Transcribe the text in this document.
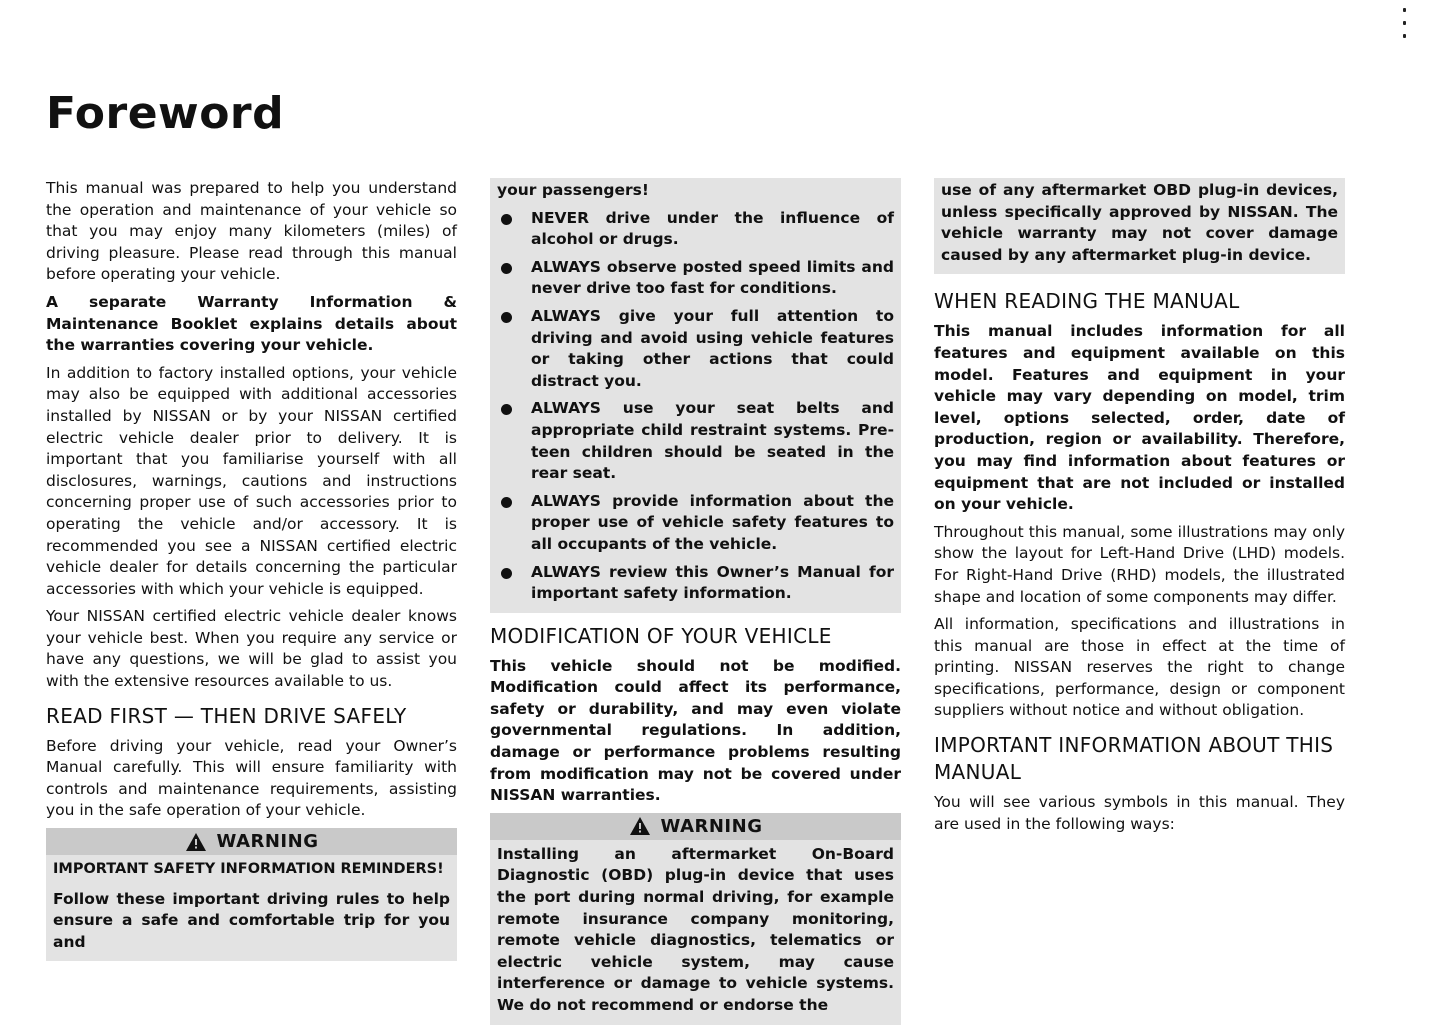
Foreword

This manual was prepared to help you understand the operation and maintenance of your vehicle so that you may enjoy many kilometers (miles) of driving pleasure. Please read through this manual before operating your vehicle.

A separate Warranty Information & Maintenance Booklet explains details about the warranties covering your vehicle.

In addition to factory installed options, your vehicle may also be equipped with additional accessories installed by NISSAN or by your NISSAN certified electric vehicle dealer prior to delivery. It is important that you familiarise yourself with all disclosures, warnings, cautions and instructions concerning proper use of such accessories prior to operating the vehicle and/or accessory. It is recommended you see a NISSAN certified electric vehicle dealer for details concerning the particular accessories with which your vehicle is equipped.

Your NISSAN certified electric vehicle dealer knows your vehicle best. When you require any service or have any questions, we will be glad to assist you with the extensive resources available to us.

READ FIRST — THEN DRIVE SAFELY

Before driving your vehicle, read your Owner’s Manual carefully. This will ensure familiarity with controls and maintenance requirements, assisting you in the safe operation of your vehicle.

WARNING

IMPORTANT SAFETY INFORMATION REMINDERS!

Follow these important driving rules to help ensure a safe and comfortable trip for you and

your passengers!

NEVER drive under the influence of alcohol or drugs.
ALWAYS observe posted speed limits and never drive too fast for conditions.
ALWAYS give your full attention to driving and avoid using vehicle features or taking other actions that could distract you.
ALWAYS use your seat belts and appropriate child restraint systems. Pre-teen children should be seated in the rear seat.
ALWAYS provide information about the proper use of vehicle safety features to all occupants of the vehicle.
ALWAYS review this Owner’s Manual for important safety information.
MODIFICATION OF YOUR VEHICLE

This vehicle should not be modified. Modification could affect its performance, safety or durability, and may even violate governmental regulations. In addition, damage or performance problems resulting from modification may not be covered under NISSAN warranties.

WARNING

Installing an aftermarket On-Board Diagnostic (OBD) plug-in device that uses the port during normal driving, for example remote insurance company monitoring, remote vehicle diagnostics, telematics or electric vehicle system, may cause interference or damage to vehicle systems. We do not recommend or endorse the

use of any aftermarket OBD plug-in devices, unless specifically approved by NISSAN. The vehicle warranty may not cover damage caused by any aftermarket plug-in device.

WHEN READING THE MANUAL

This manual includes information for all features and equipment available on this model. Features and equipment in your vehicle may vary depending on model, trim level, options selected, order, date of production, region or availability. Therefore, you may find information about features or equipment that are not included or installed on your vehicle.

Throughout this manual, some illustrations may only show the layout for Left-Hand Drive (LHD) models. For Right-Hand Drive (RHD) models, the illustrated shape and location of some components may differ.

All information, specifications and illustrations in this manual are those in effect at the time of printing. NISSAN reserves the right to change specifications, performance, design or component suppliers without notice and without obligation.

IMPORTANT INFORMATION ABOUT THIS MANUAL

You will see various symbols in this manual. They are used in the following ways:
